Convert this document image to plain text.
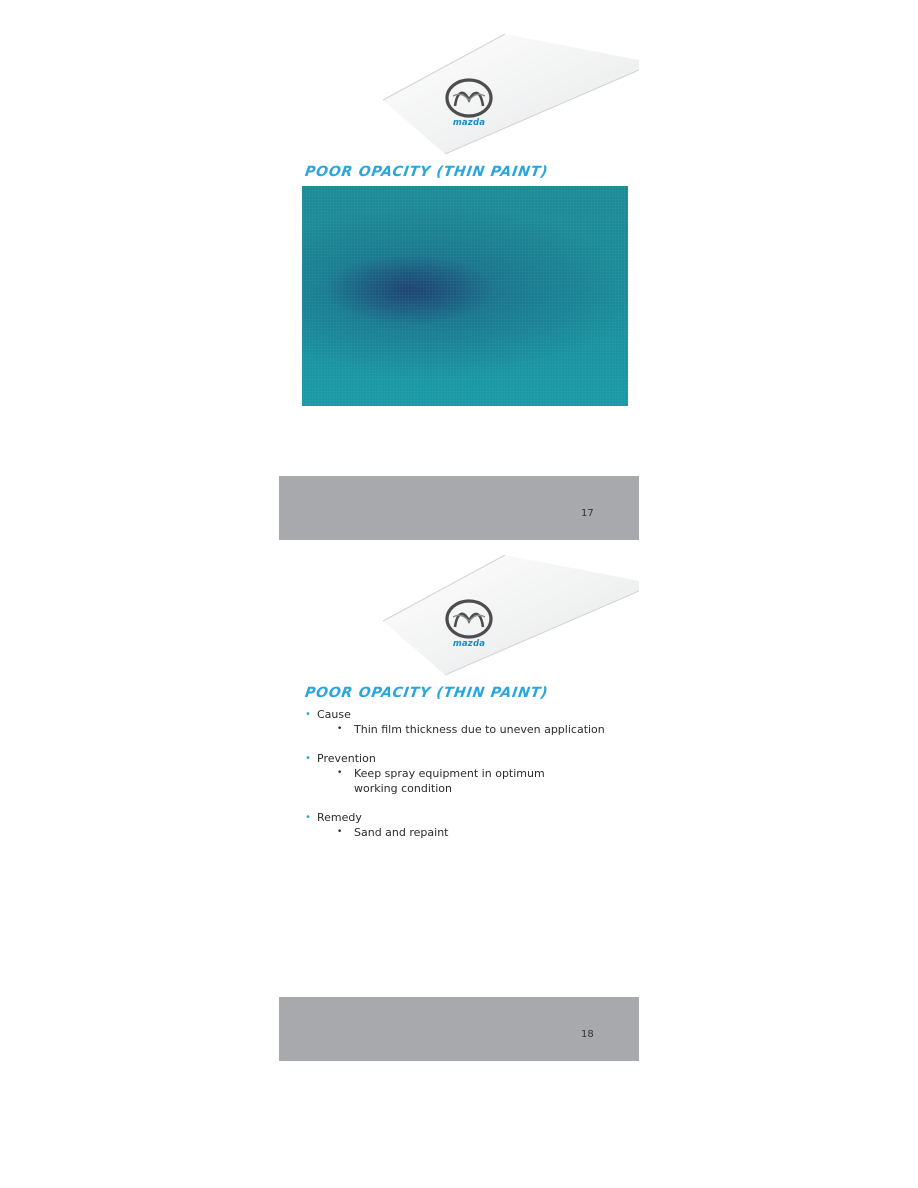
mazda
POOR OPACITY (THIN PAINT)
17
mazda
POOR OPACITY (THIN PAINT)
• Cause
• Thin film thickness due to uneven application
• Prevention
• Keep spray equipment in optimum working condition
• Remedy
• Sand and repaint
18
